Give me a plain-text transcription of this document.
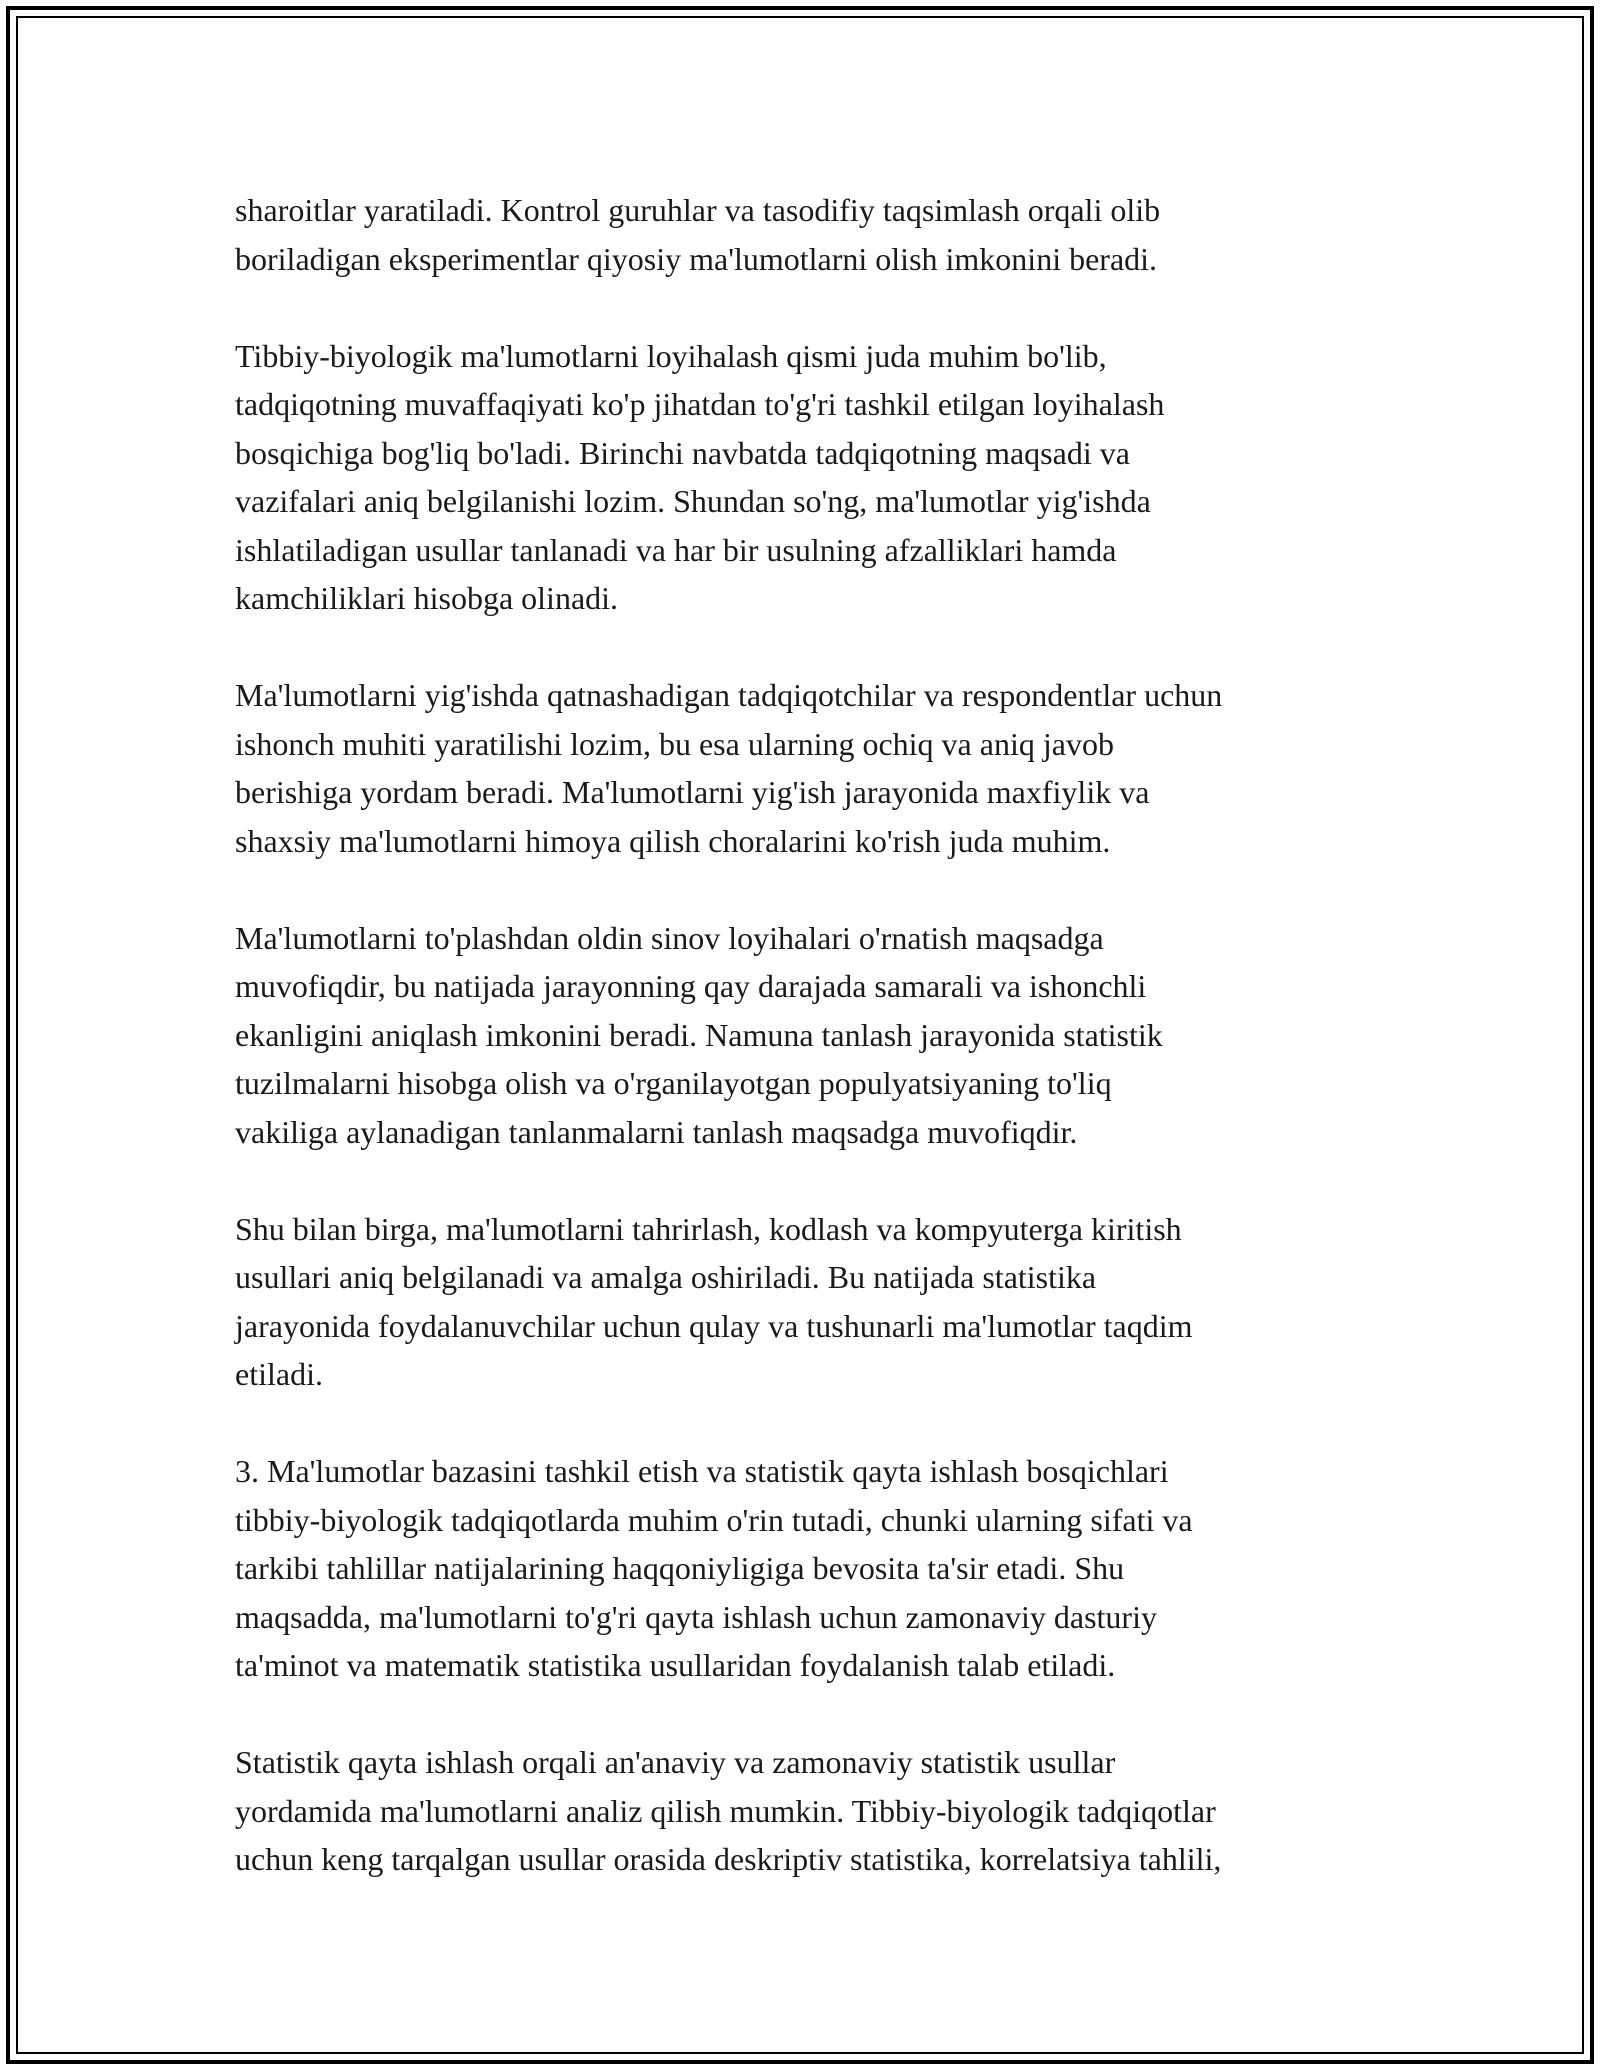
sharoitlar yaratiladi. Kontrol guruhlar va tasodifiy taqsimlash orqali olib
boriladigan eksperimentlar qiyosiy ma'lumotlarni olish imkonini beradi.

Tibbiy-biyologik ma'lumotlarni loyihalash qismi juda muhim bo'lib,
tadqiqotning muvaffaqiyati ko'p jihatdan to'g'ri tashkil etilgan loyihalash
bosqichiga bog'liq bo'ladi. Birinchi navbatda tadqiqotning maqsadi va
vazifalari aniq belgilanishi lozim. Shundan so'ng, ma'lumotlar yig'ishda
ishlatiladigan usullar tanlanadi va har bir usulning afzalliklari hamda
kamchiliklari hisobga olinadi.

Ma'lumotlarni yig'ishda qatnashadigan tadqiqotchilar va respondentlar uchun
ishonch muhiti yaratilishi lozim, bu esa ularning ochiq va aniq javob
berishiga yordam beradi. Ma'lumotlarni yig'ish jarayonida maxfiylik va
shaxsiy ma'lumotlarni himoya qilish choralarini ko'rish juda muhim.

Ma'lumotlarni to'plashdan oldin sinov loyihalari o'rnatish maqsadga
muvofiqdir, bu natijada jarayonning qay darajada samarali va ishonchli
ekanligini aniqlash imkonini beradi. Namuna tanlash jarayonida statistik
tuzilmalarni hisobga olish va o'rganilayotgan populyatsiyaning to'liq
vakiliga aylanadigan tanlanmalarni tanlash maqsadga muvofiqdir.

Shu bilan birga, ma'lumotlarni tahrirlash, kodlash va kompyuterga kiritish
usullari aniq belgilanadi va amalga oshiriladi. Bu natijada statistika
jarayonida foydalanuvchilar uchun qulay va tushunarli ma'lumotlar taqdim
etiladi.

3. Ma'lumotlar bazasini tashkil etish va statistik qayta ishlash bosqichlari
tibbiy-biyologik tadqiqotlarda muhim o'rin tutadi, chunki ularning sifati va
tarkibi tahlillar natijalarining haqqoniyligiga bevosita ta'sir etadi. Shu
maqsadda, ma'lumotlarni to'g'ri qayta ishlash uchun zamonaviy dasturiy
ta'minot va matematik statistika usullaridan foydalanish talab etiladi.

Statistik qayta ishlash orqali an'anaviy va zamonaviy statistik usullar
yordamida ma'lumotlarni analiz qilish mumkin. Tibbiy-biyologik tadqiqotlar
uchun keng tarqalgan usullar orasida deskriptiv statistika, korrelatsiya tahlili,
